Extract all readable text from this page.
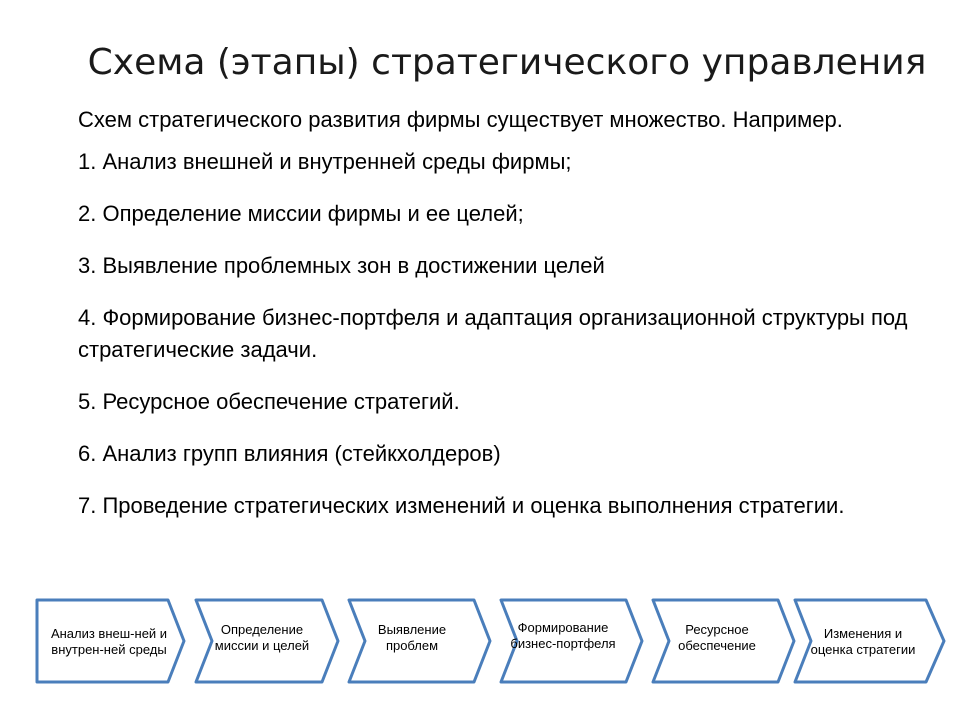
Схема (этапы) стратегического управления

Схем стратегического развития фирмы существует множество. Например.

1. Анализ внешней и внутренней среды фирмы;

2. Определение миссии фирмы и ее целей;

3. Выявление проблемных зон в достижении целей

4. Формирование бизнес-портфеля и адаптация организационной структуры под стратегические задачи.

5. Ресурсное обеспечение стратегий.

6. Анализ групп влияния (стейкхолдеров)

7. Проведение стратегических изменений и оценка выполнения стратегии.

Анализ внеш-ней и внутрен-ней среды
Определение миссии и целей
Выявление проблем
Формирование бизнес-портфеля
Ресурсное обеспечение
Изменения и оценка стратегии
